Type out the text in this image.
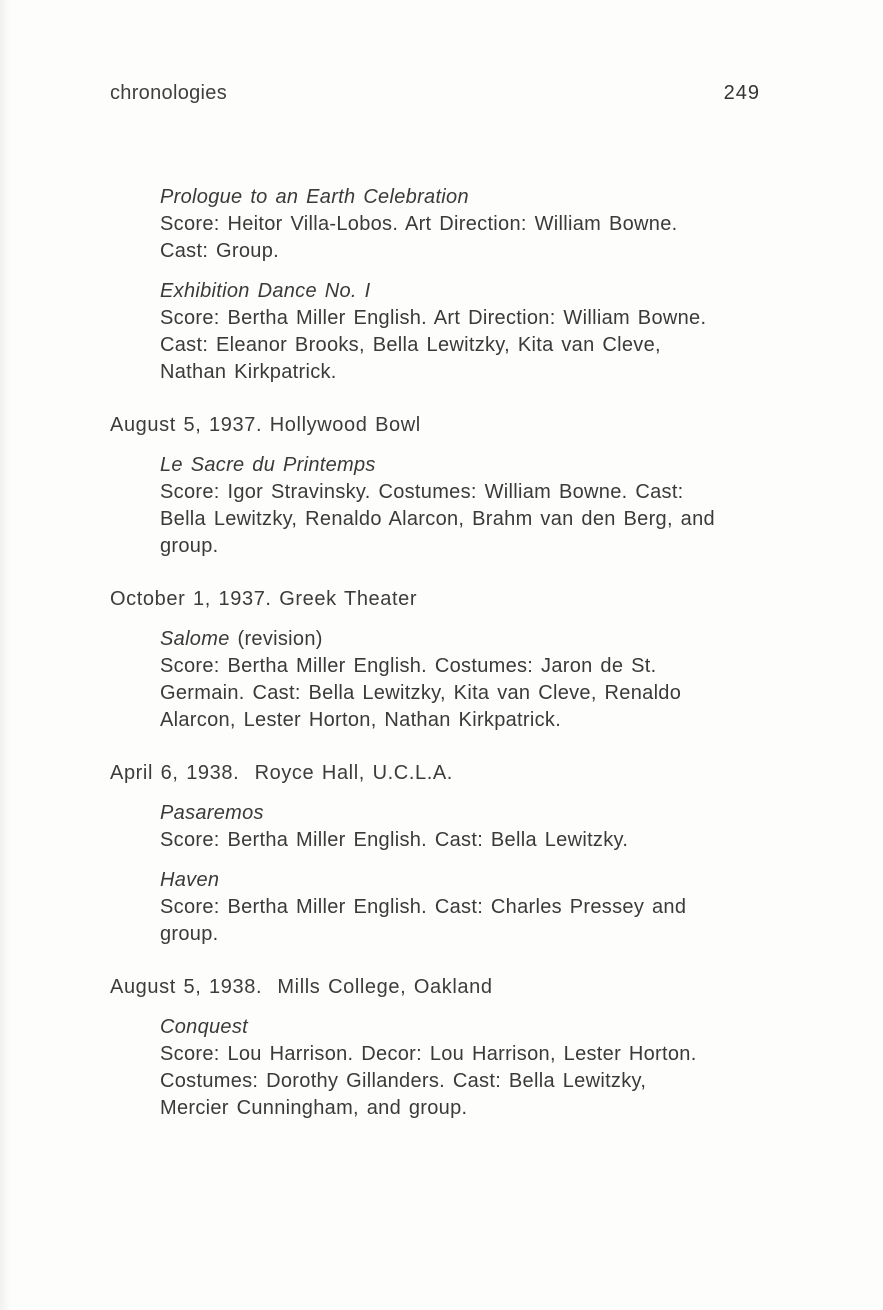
chronologies	249
Prologue to an Earth Celebration
Score: Heitor Villa-Lobos. Art Direction: William Bowne.
Cast: Group.
Exhibition Dance No. I
Score: Bertha Miller English. Art Direction: William Bowne.
Cast: Eleanor Brooks, Bella Lewitzky, Kita van Cleve,
Nathan Kirkpatrick.
August 5, 1937. Hollywood Bowl
Le Sacre du Printemps
Score: Igor Stravinsky. Costumes: William Bowne. Cast:
Bella Lewitzky, Renaldo Alarcon, Brahm van den Berg, and
group.
October 1, 1937. Greek Theater
Salome (revision)
Score: Bertha Miller English. Costumes: Jaron de St.
Germain. Cast: Bella Lewitzky, Kita van Cleve, Renaldo
Alarcon, Lester Horton, Nathan Kirkpatrick.
April 6, 1938.  Royce Hall, U.C.L.A.
Pasaremos
Score: Bertha Miller English. Cast: Bella Lewitzky.
Haven
Score: Bertha Miller English. Cast: Charles Pressey and
group.
August 5, 1938.  Mills College, Oakland
Conquest
Score: Lou Harrison. Decor: Lou Harrison, Lester Horton.
Costumes: Dorothy Gillanders. Cast: Bella Lewitzky,
Mercier Cunningham, and group.
